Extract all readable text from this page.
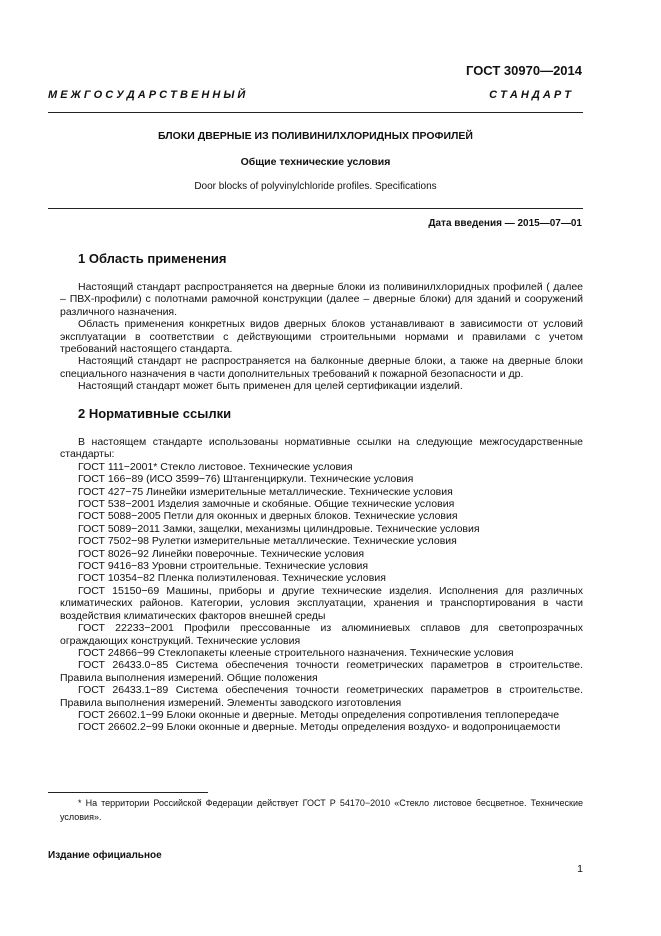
ГОСТ 30970—2014
М Е Ж Г О С У Д А Р С Т В Е Н Н Ы Й	С Т А Н Д А Р Т
БЛОКИ ДВЕРНЫЕ ИЗ ПОЛИВИНИЛХЛОРИДНЫХ ПРОФИЛЕЙ
Общие технические условия
Door blocks of polyvinylchloride profiles. Specifications
Дата введения — 2015—07—01
1 Область применения

Настоящий стандарт распространяется на дверные блоки из поливинилхлоридных профилей ( далее – ПВХ-профили) с полотнами рамочной конструкции (далее – дверные блоки) для зданий и сооружений различного назначения.

Область применения конкретных видов дверных блоков устанавливают в зависимости от условий эксплуатации в соответствии с действующими строительными нормами и правилами с учетом требований настоящего стандарта.

Настоящий стандарт не распространяется на балконные дверные блоки, а также на дверные блоки специального назначения в части дополнительных требований к пожарной безопасности и др.

Настоящий стандарт может быть применен для целей сертификации изделий.

2 Нормативные ссылки

В настоящем стандарте использованы нормативные ссылки на следующие межгосударственные стандарты:

ГОСТ 111−2001* Стекло листовое. Технические условия

ГОСТ 166−89 (ИСО 3599−76) Штангенциркули. Технические условия

ГОСТ 427−75 Линейки измерительные металлические. Технические условия

ГОСТ 538−2001 Изделия замочные и скобяные. Общие технические условия

ГОСТ 5088−2005 Петли для оконных и дверных блоков. Технические условия

ГОСТ 5089−2011 Замки, защелки, механизмы цилиндровые. Технические условия

ГОСТ 7502−98 Рулетки измерительные металлические. Технические условия

ГОСТ 8026−92 Линейки поверочные. Технические условия

ГОСТ 9416−83 Уровни строительные. Технические условия

ГОСТ 10354−82 Пленка полиэтиленовая. Технические условия

ГОСТ 15150−69 Машины, приборы и другие технические изделия. Исполнения для различных климатических районов. Категории, условия эксплуатации, хранения и транспортирования в части воздействия климатических факторов внешней среды

ГОСТ 22233−2001 Профили прессованные из алюминиевых сплавов для светопрозрачных ограждающих конструкций. Технические условия

ГОСТ 24866−99 Стеклопакеты клееные строительного назначения. Технические условия

ГОСТ 26433.0−85 Система обеспечения точности геометрических параметров в строительстве. Правила выполнения измерений. Общие положения

ГОСТ 26433.1−89 Система обеспечения точности геометрических параметров в строительстве. Правила выполнения измерений. Элементы заводского изготовления

ГОСТ 26602.1−99 Блоки оконные и дверные. Методы определения сопротивления теплопередаче

ГОСТ 26602.2−99 Блоки оконные и дверные. Методы определения воздухо- и водопроницаемости

* На территории Российской Федерации действует ГОСТ Р 54170−2010 «Стекло листовое бесцветное. Технические условия».
Издание официальное
1
